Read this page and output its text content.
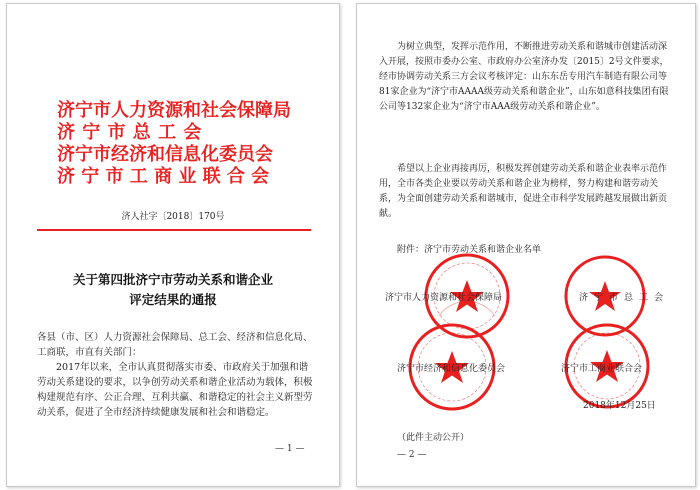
济宁市人力资源和社会保障局
济 宁 市 总 工 会
济宁市经济和信息化委员会
济 宁 市 工 商 业 联 合 会
济人社字〔2018〕170号
关于第四批济宁市劳动关系和谐企业
评定结果的通报

各县（市、区）人力资源社会保障局、总工会、经济和信息化局、工商联，市直有关部门：

2017年以来，全市认真贯彻落实市委、市政府关于加强和谐劳动关系建设的要求，以争创劳动关系和谐企业活动为载体，积极构建规范有序、公正合理、互利共赢、和谐稳定的社会主义新型劳动关系，促进了全市经济持续健康发展和社会和谐稳定。

— 1 —

为树立典型，发挥示范作用，不断推进劳动关系和谐城市创建活动深入开展，按照市委办公室、市政府办公室济办发〔2015〕2号文件要求，经市协调劳动关系三方会议考核评定：山东东岳专用汽车制造有限公司等81家企业为“济宁市AAAA级劳动关系和谐企业”，山东如意科技集团有限公司等132家企业为“济宁市AAA级劳动关系和谐企业”。

希望以上企业再接再厉，积极发挥创建劳动关系和谐企业表率示范作用，全市各类企业要以劳动关系和谐企业为榜样，努力构建和谐劳动关系，为全面创建劳动关系和谐城市，促进全市科学发展跨越发展做出新贡献。

附件：济宁市劳动关系和谐企业名单
济宁市人力资源和社会保障局	济宁市总工会
济宁市经济和信息化委员会	济宁市工商业联合会
2018年12月25日
（此件主动公开）
— 2 —
